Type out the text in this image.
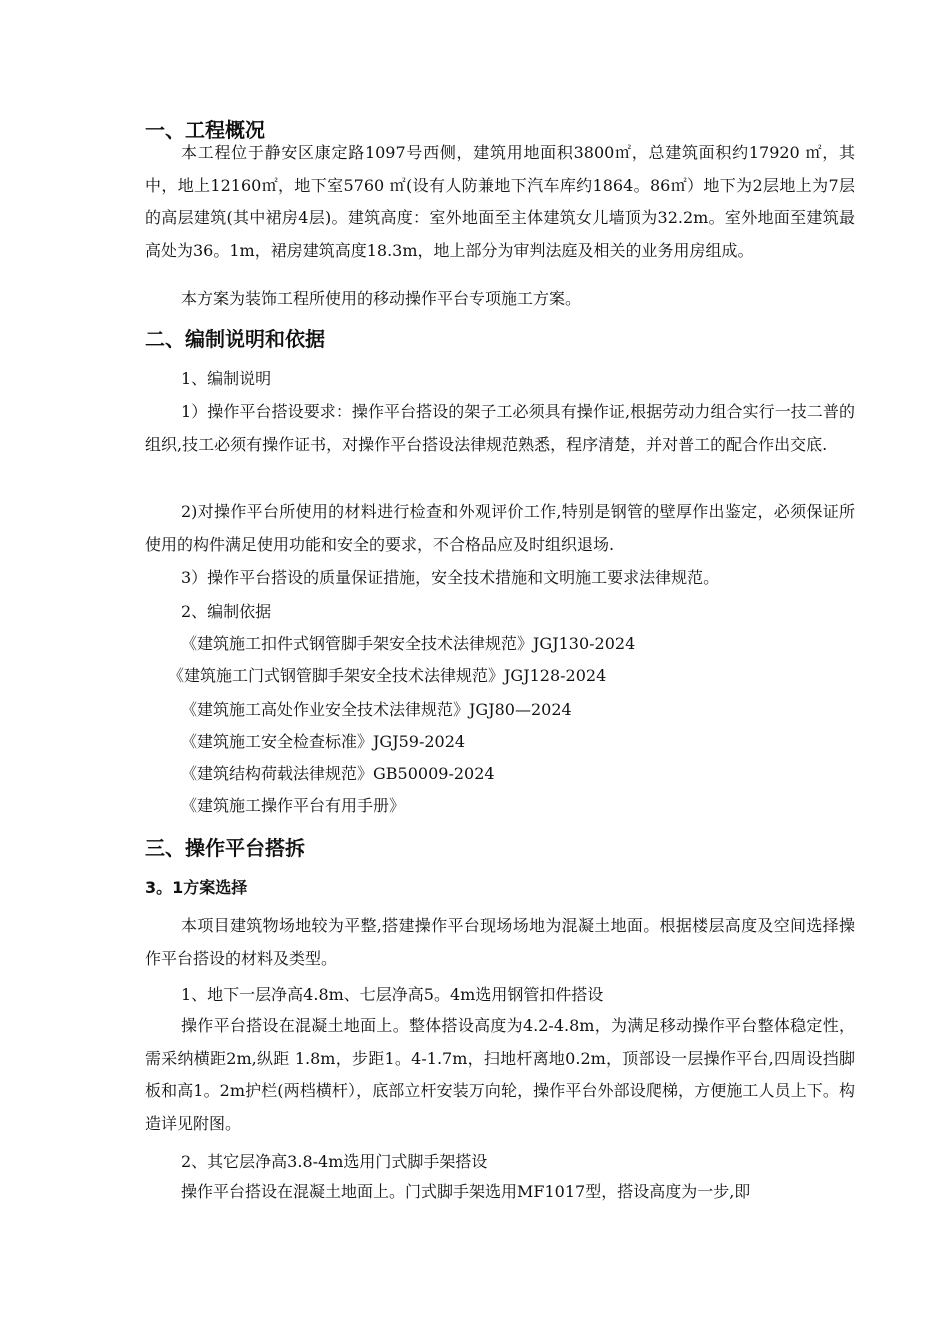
一、工程概况

本工程位于静安区康定路1097号西侧，建筑用地面积3800㎡，总建筑面积约17920 ㎡，其中，地上12160㎡，地下室5760 ㎡(设有人防兼地下汽车库约1864。86㎡）地下为2层地上为7层的高层建筑(其中裙房4层)。建筑高度：室外地面至主体建筑女儿墙顶为32.2m。室外地面至建筑最高处为36。1m，裙房建筑高度18.3m，地上部分为审判法庭及相关的业务用房组成。

本方案为装饰工程所使用的移动操作平台专项施工方案。

二、编制说明和依据
1、编制说明

1）操作平台搭设要求：操作平台搭设的架子工必须具有操作证,根据劳动力组合实行一技二普的组织,技工必须有操作证书，对操作平台搭设法律规范熟悉，程序清楚，并对普工的配合作出交底.

2)对操作平台所使用的材料进行检查和外观评价工作,特别是钢管的壁厚作出鉴定，必须保证所使用的构件满足使用功能和安全的要求，不合格品应及时组织退场.

3）操作平台搭设的质量保证措施，安全技术措施和文明施工要求法律规范。

2、编制依据
《建筑施工扣件式钢管脚手架安全技术法律规范》JGJ130-2024
《建筑施工门式钢管脚手架安全技术法律规范》JGJ128-2024
《建筑施工高处作业安全技术法律规范》JGJ80—2024
《建筑施工安全检查标准》JGJ59-2024
《建筑结构荷载法律规范》GB50009-2024
《建筑施工操作平台有用手册》
三、操作平台搭拆
3。1方案选择

本项目建筑物场地较为平整,搭建操作平台现场场地为混凝土地面。根据楼层高度及空间选择操作平台搭设的材料及类型。

1、地下一层净高4.8m、七层净高5。4m选用钢管扣件搭设

操作平台搭设在混凝土地面上。整体搭设高度为4.2-4.8m，为满足移动操作平台整体稳定性，需采纳横距2m,纵距 1.8m，步距1。4-1.7m，扫地杆离地0.2m，顶部设一层操作平台,四周设挡脚板和高1。2m护栏(两档横杆），底部立杆安装万向轮，操作平台外部设爬梯，方便施工人员上下。构造详见附图。

2、其它层净高3.8-4m选用门式脚手架搭设

操作平台搭设在混凝土地面上。门式脚手架选用MF1017型，搭设高度为一步,即
